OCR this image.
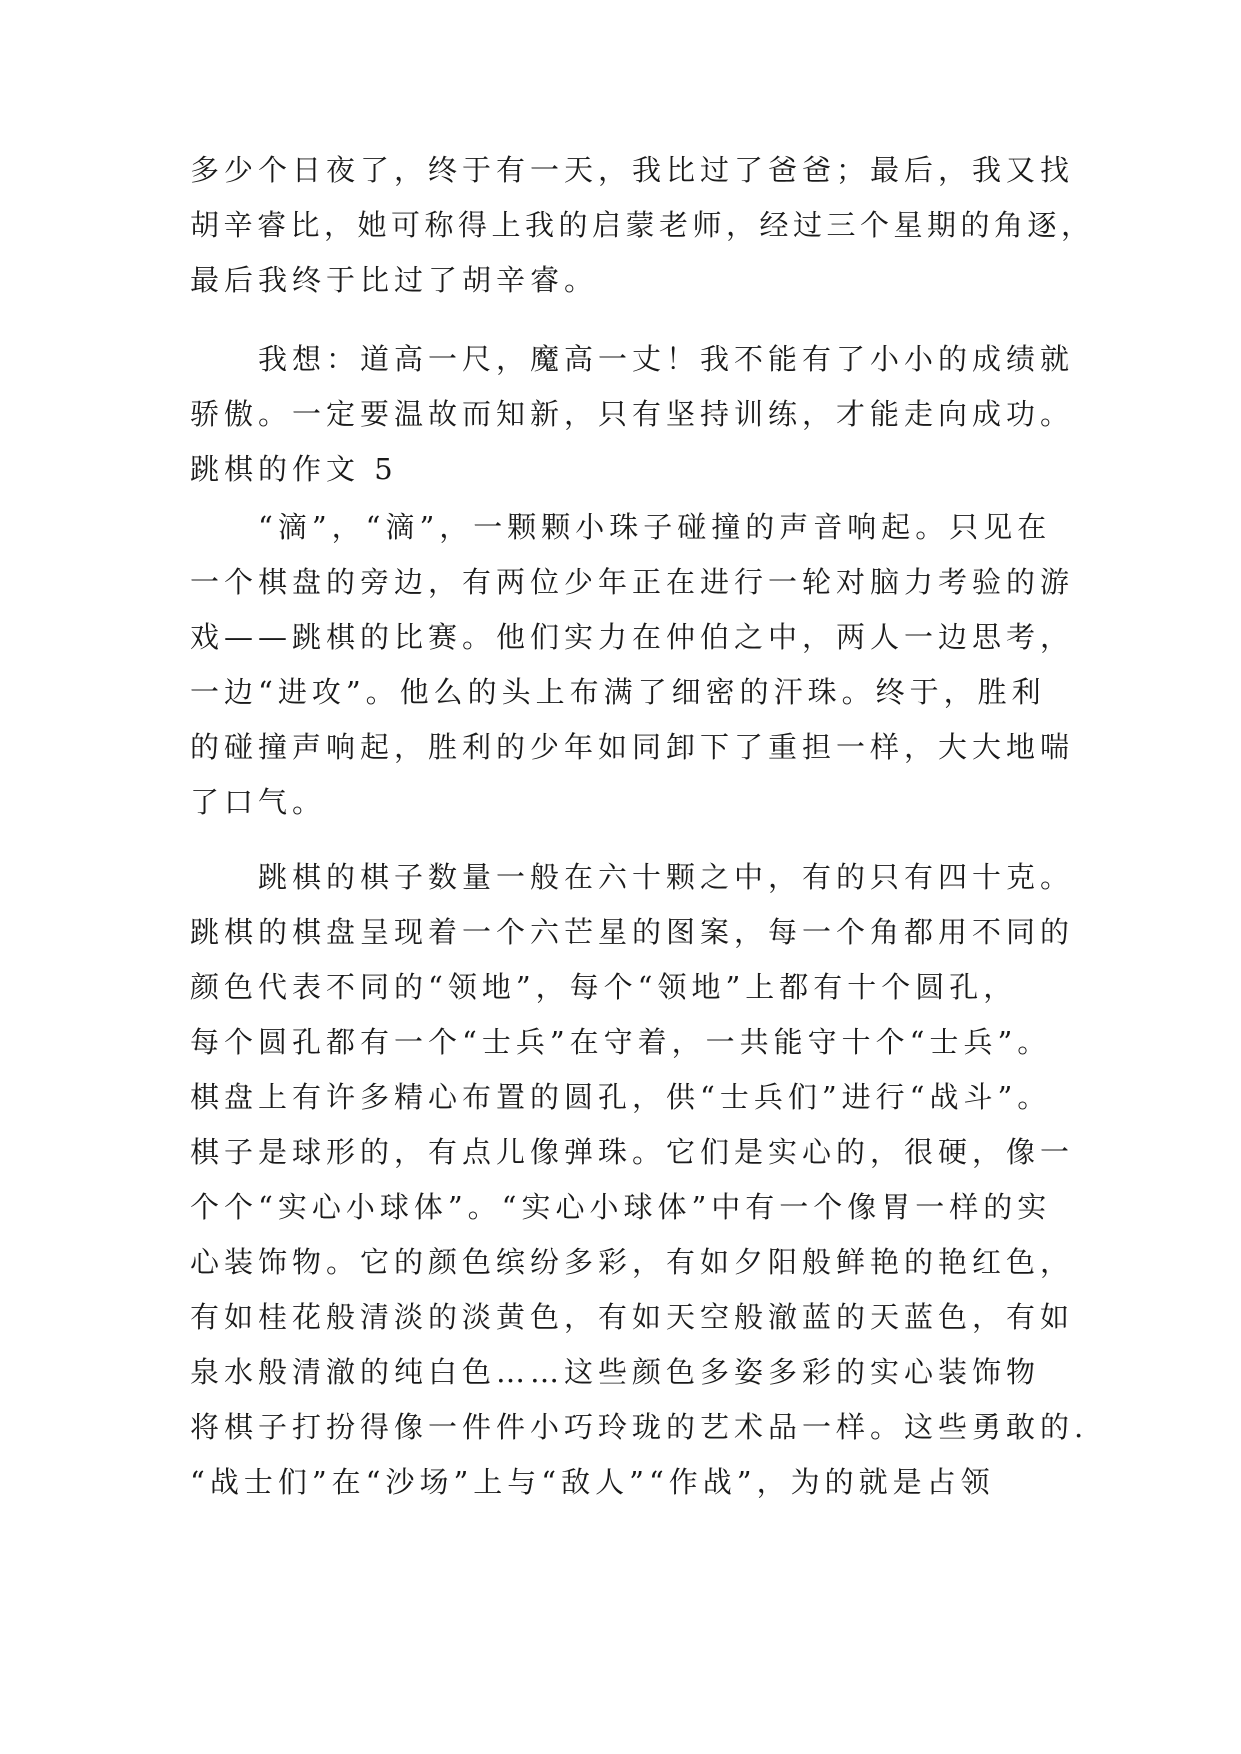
多少个日夜了，终于有一天，我比过了爸爸；最后，我又找
胡辛睿比，她可称得上我的启蒙老师，经过三个星期的角逐，
最后我终于比过了胡辛睿。
我想：道高一尺，魔高一丈！我不能有了小小的成绩就
骄傲。一定要温故而知新，只有坚持训练，才能走向成功。
跳棋的作文 5
“滴”，“滴”，一颗颗小珠子碰撞的声音响起。只见在
一个棋盘的旁边，有两位少年正在进行一轮对脑力考验的游
戏——跳棋的比赛。他们实力在仲伯之中，两人一边思考，
一边“进攻”。他么的头上布满了细密的汗珠。终于，胜利
的碰撞声响起，胜利的少年如同卸下了重担一样，大大地喘
了口气。
跳棋的棋子数量一般在六十颗之中，有的只有四十克。
跳棋的棋盘呈现着一个六芒星的图案，每一个角都用不同的
颜色代表不同的“领地”，每个“领地”上都有十个圆孔，
每个圆孔都有一个“士兵”在守着，一共能守十个“士兵”。
棋盘上有许多精心布置的圆孔，供“士兵们”进行“战斗”。
棋子是球形的，有点儿像弹珠。它们是实心的，很硬，像一
个个“实心小球体”。“实心小球体”中有一个像胃一样的实
心装饰物。它的颜色缤纷多彩，有如夕阳般鲜艳的艳红色，
有如桂花般清淡的淡黄色，有如天空般澈蓝的天蓝色，有如
泉水般清澈的纯白色……这些颜色多姿多彩的实心装饰物
将棋子打扮得像一件件小巧玲珑的艺术品一样。这些勇敢的.
“战士们”在“沙场”上与“敌人”“作战”，为的就是占领
